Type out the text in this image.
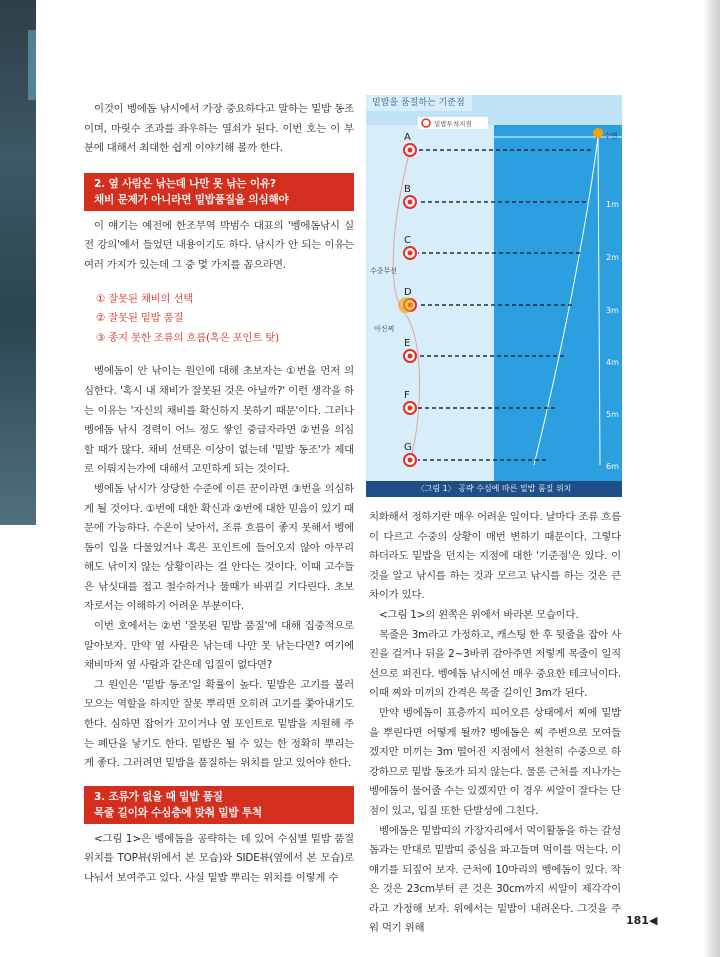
이것이 벵에돔 낚시에서 가장 중요하다고 말하는 밑밥 동조이며, 마릿수 조과를 좌우하는 열쇠가 된다. 이번 호는 이 부분에 대해서 최대한 쉽게 이야기해 볼까 한다.

2. 옆 사람은 낚는데 나만 못 낚는 이유?
채비 문제가 아니라면 밑밥품질을 의심해야

이 얘기는 예전에 한조무역 박범수 대표의 '벵에돔낚시 실전 강의'에서 들었던 내용이기도 하다. 낚시가 안 되는 이유는 여러 가지가 있는데 그 중 몇 가지를 꼽으라면.

① 잘못된 채비의 선택
② 잘못된 밑밥 품질
③ 종지 못한 조류의 흐름(혹은 포인트 탓)

벵에돔이 안 낚이는 원인에 대해 초보자는 ①번을 먼저 의심한다. '혹시 내 채비가 잘못된 것은 아닐까?' 이런 생각을 하는 이유는 '자신의 채비를 확신하지 못하기 때문'이다. 그러나 벵에돔 낚시 경력이 어느 정도 쌓인 중급자라면 ②번을 의심할 때가 많다. 채비 선택은 이상이 없는데 '밑밥 동조'가 제대로 이뤄지는가에 대해서 고민하게 되는 것이다.

벵에돔 낚시가 상당한 수준에 이른 꾼이라면 ③번을 의심하게 될 것이다. ①번에 대한 확신과 ②번에 대한 믿음이 있기 때문에 가능하다. 수온이 낮아서, 조류 흐름이 좋지 못해서 벵에돔이 입을 다물었거나 혹은 포인트에 들어오지 않아 아무리 해도 낚이지 않는 상황이라는 걸 안다는 것이다. 이때 고수들은 낚싯대를 접고 철수하거나 물때가 바뀌길 기다린다. 초보자로서는 이해하기 어려운 부분이다.

이번 호에서는 ②번 '잘못된 밑밥 품질'에 대해 집중적으로 알아보자. 만약 옆 사람은 낚는데 나만 못 낚는다면? 여기에 채비마저 옆 사람과 같은데 입질이 없다면?

그 원인은 '밑밥 동조'일 확률이 높다. 밑밥은 고기를 불러 모으는 역할을 하지만 잘못 뿌리면 오히려 고기를 쫓아내기도 한다. 심하면 잡어가 꼬이거나 옆 포인트로 밑밥을 지원해 주는 폐단을 낳기도 한다. 밑밥은 될 수 있는 한 정확히 뿌리는 게 좋다. 그러려면 밑밥을 품질하는 위치를 알고 있어야 한다.

3. 조류가 없을 때 밑밥 품질
목줄 길이와 수심층에 맞춰 밑밥 투척

<그림 1>은 벵에돔을 공략하는 데 있어 수심별 밑밥 품질 위치를 TOP뷰(위에서 본 모습)와 SIDE뷰(옆에서 본 모습)로 나눠서 보여주고 있다. 사실 밑밥 뿌리는 위치를 이렇게 수

A
B
C
D
E
F
G
수면
1m
2m
3m
4m
5m
6m
수중무선
아신찌
밑밥투척지점
밑밥을 품질하는 기준점
〈그림 1〉 공략 수심에 따른 밑밥 품질 위치

치화해서 정하기란 매우 어려운 일이다. 날마다 조류 흐름이 다르고 수중의 상황이 매번 변하기 때문이다. 그렇다 하더라도 밑밥을 던지는 지점에 대한 '기준점'은 있다. 이것을 알고 낚시를 하는 것과 모르고 낚시를 하는 것은 큰 차이가 있다.

<그림 1>의 왼쪽은 위에서 바라본 모습이다.

목줄은 3m라고 가정하고, 캐스팅 한 후 뒷줄을 잡아 사진을 걸거나 뒤을 2~3바퀴 감아주면 저렇게 목줄이 일직선으로 펴진다. 벵에돔 낚시에선 매우 중요한 테크닉이다. 이때 찌와 미끼의 간격은 목줄 길이인 3m가 된다.

만약 벵에돔이 표층까지 피어오른 상태에서 찌에 밑밥을 뿌린다면 어떻게 될까? 벵에돔은 찌 주변으로 모여들겠지만 미끼는 3m 떨어진 지점에서 천천히 수중으로 하강하므로 밑밥 동조가 되지 않는다. 물론 근처를 지나가는 벵에돔이 물어줄 수는 있겠지만 이 경우 씨알이 잘다는 단점이 있고, 입질 또한 단발성에 그친다.

벵에돔은 밑밥띠의 가장자리에서 먹이활동을 하는 갈성돔과는 반대로 밑밥띠 중심을 파고들며 먹이를 먹는다. 이 얘기를 되짚어 보자. 근처에 10마리의 벵에돔이 있다. 작은 것은 23cm부터 큰 것은 30cm까지 씨알이 제각각이라고 가정해 보자. 위에서는 밑밥이 내려온다. 그것을 주워 먹기 위해

181◀
